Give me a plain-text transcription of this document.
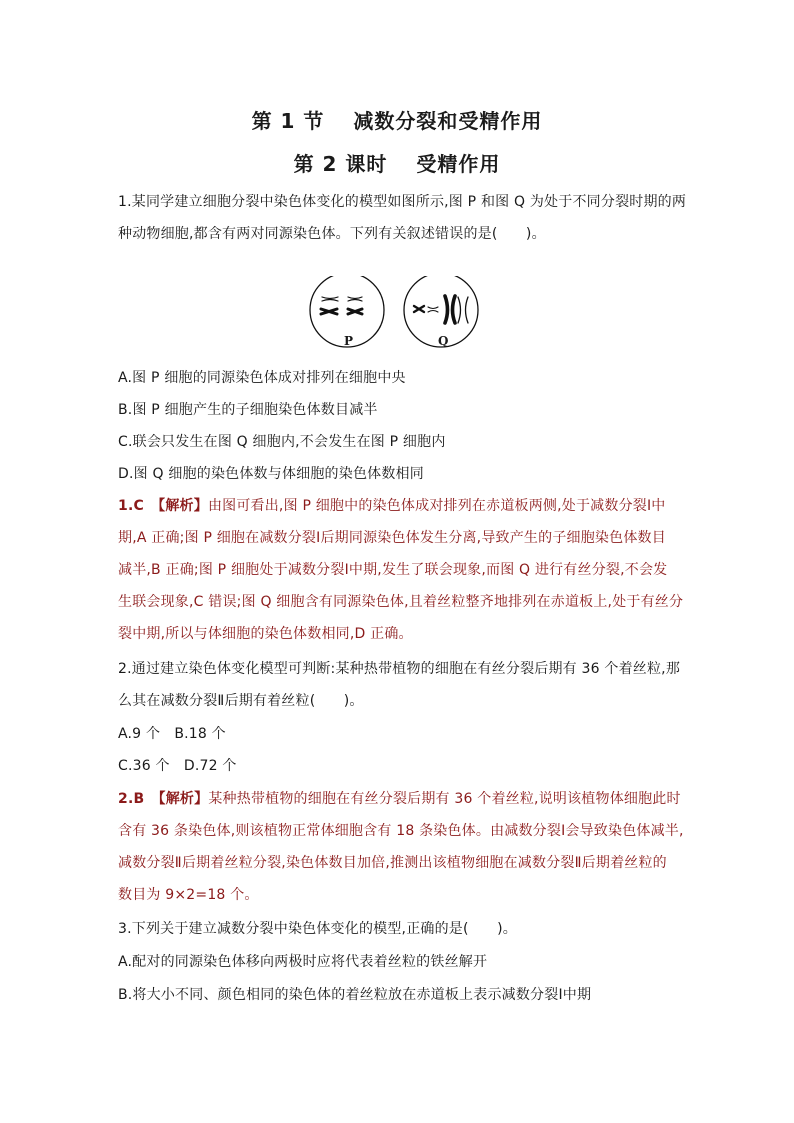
第 1 节　 减数分裂和受精作用
第 2 课时　 受精作用
1.某同学建立细胞分裂中染色体变化的模型如图所示,图 P 和图 Q 为处于不同分裂时期的两
种动物细胞,都含有两对同源染色体。下列有关叙述错误的是(　　)。
P	Q
A.图 P 细胞的同源染色体成对排列在细胞中央
B.图 P 细胞产生的子细胞染色体数目减半
C.联会只发生在图 Q 细胞内,不会发生在图 P 细胞内
D.图 Q 细胞的染色体数与体细胞的染色体数相同
1.C　【解析】由图可看出,图 P 细胞中的染色体成对排列在赤道板两侧,处于减数分裂Ⅰ中
期,A 正确;图 P 细胞在减数分裂Ⅰ后期同源染色体发生分离,导致产生的子细胞染色体数目
减半,B 正确;图 P 细胞处于减数分裂Ⅰ中期,发生了联会现象,而图 Q 进行有丝分裂,不会发
生联会现象,C 错误;图 Q 细胞含有同源染色体,且着丝粒整齐地排列在赤道板上,处于有丝分
裂中期,所以与体细胞的染色体数相同,D 正确。
2.通过建立染色体变化模型可判断:某种热带植物的细胞在有丝分裂后期有 36 个着丝粒,那
么其在减数分裂Ⅱ后期有着丝粒(　　)。
A.9 个　B.18 个
C.36 个　D.72 个
2.B　【解析】某种热带植物的细胞在有丝分裂后期有 36 个着丝粒,说明该植物体细胞此时
含有 36 条染色体,则该植物正常体细胞含有 18 条染色体。由减数分裂Ⅰ会导致染色体减半,
减数分裂Ⅱ后期着丝粒分裂,染色体数目加倍,推测出该植物细胞在减数分裂Ⅱ后期着丝粒的
数目为 9×2=18 个。
3.下列关于建立减数分裂中染色体变化的模型,正确的是(　　)。
A.配对的同源染色体移向两极时应将代表着丝粒的铁丝解开
B.将大小不同、颜色相同的染色体的着丝粒放在赤道板上表示减数分裂Ⅰ中期
